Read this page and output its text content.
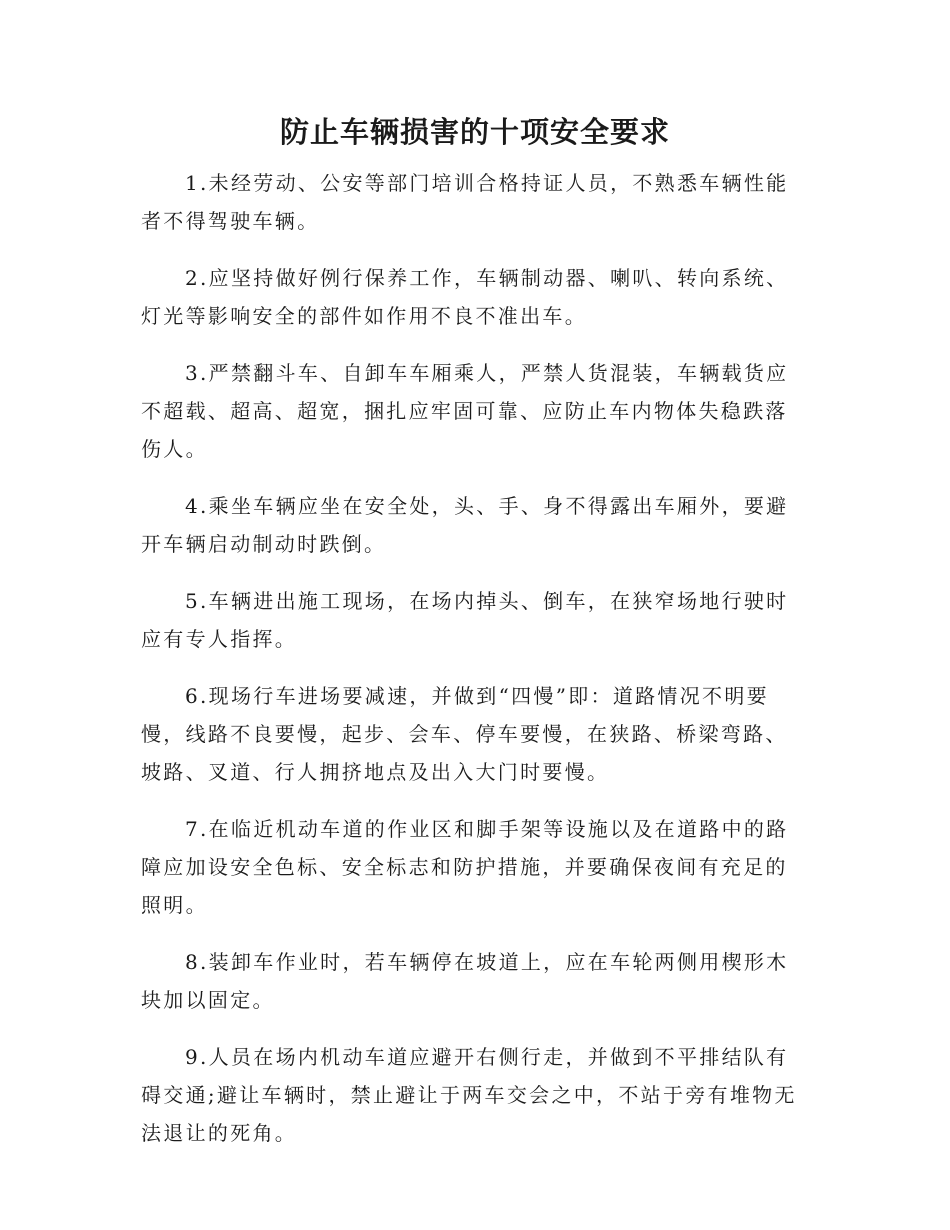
防止车辆损害的十项安全要求

1.未经劳动、公安等部门培训合格持证人员，不熟悉车辆性能者不得驾驶车辆。

2.应坚持做好例行保养工作，车辆制动器、喇叭、转向系统、灯光等影响安全的部件如作用不良不准出车。

3.严禁翻斗车、自卸车车厢乘人，严禁人货混装，车辆载货应不超载、超高、超宽，捆扎应牢固可靠、应防止车内物体失稳跌落伤人。

4.乘坐车辆应坐在安全处，头、手、身不得露出车厢外，要避开车辆启动制动时跌倒。

5.车辆进出施工现场，在场内掉头、倒车，在狭窄场地行驶时应有专人指挥。

6.现场行车进场要减速，并做到“四慢”即：道路情况不明要慢，线路不良要慢，起步、会车、停车要慢，在狭路、桥梁弯路、坡路、叉道、行人拥挤地点及出入大门时要慢。

7.在临近机动车道的作业区和脚手架等设施以及在道路中的路障应加设安全色标、安全标志和防护措施，并要确保夜间有充足的照明。

8.装卸车作业时，若车辆停在坡道上，应在车轮两侧用楔形木块加以固定。

9.人员在场内机动车道应避开右侧行走，并做到不平排结队有碍交通;避让车辆时，禁止避让于两车交会之中，不站于旁有堆物无法退让的死角。
